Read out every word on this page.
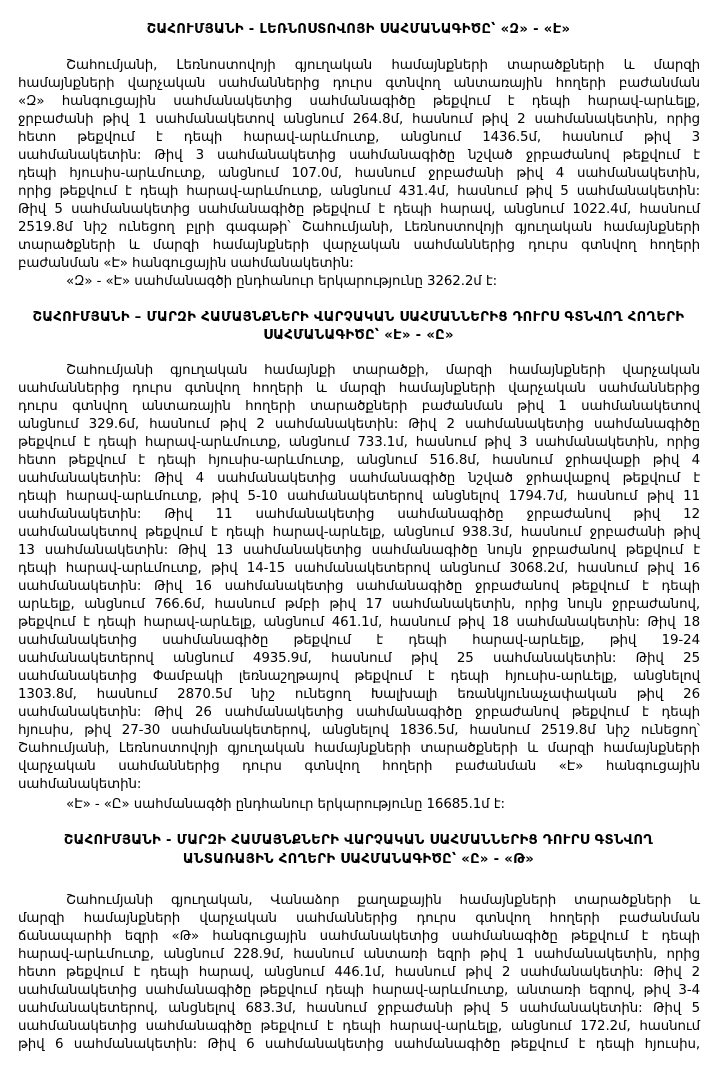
ՇԱՀՈՒՄՅԱՆԻ - ԼԵՌՆՈՍՏՈՎՈՅԻ ՍԱՀՄԱՆԱԳԻԾԸ՝ «Զ» - «Է»
Շահումյանի, Լեռնոստովոյի գյուղական համայնքների տարածքների և մարզի
համայնքների վարչական սահմաններից դուրս գտնվող անտառային հողերի բաժանման
«Զ» հանգուցային սահմանակետից սահմանագիծը թեքվում է դեպի հարավ-արևելք,
ջրբաժանի թիվ 1 սահմանակետով անցնում 264.8մ, հասնում թիվ 2 սահմանակետին, որից
հետո թեքվում է դեպի հարավ-արևմուտք, անցնում 1436.5մ, հասնում թիվ 3
սահմանակետին: Թիվ 3 սահմանակետից սահմանագիծը նշված ջրբաժանով թեքվում է
դեպի հյուսիս-արևմուտք, անցնում 107.0մ, հասնում ջրբաժանի թիվ 4 սահմանակետին,
որից թեքվում է դեպի հարավ-արևմուտք, անցնում 431.4մ, հասնում թիվ 5 սահմանակետին:
Թիվ 5 սահմանակետից սահմանագիծը թեքվում է դեպի հարավ, անցնում 1022.4մ, հասնում
2519.8մ նիշ ունեցող բլրի գագաթի՝ Շահումյանի, Լեռնոստովոյի գյուղական համայնքների
տարածքների և մարզի համայնքների վարչական սահմաններից դուրս գտնվող հողերի
բաժանման «Է» հանգուցային սահմանակետին:
«Զ» - «Է» սահմանագծի ընդհանուր երկարությունը 3262.2մ է:
ՇԱՀՈՒՄՅԱՆԻ – ՄԱՐԶԻ ՀԱՄԱՅՆՔՆԵՐԻ ՎԱՐՉԱԿԱՆ ՍԱՀՄԱՆՆԵՐԻՑ ԴՈՒՐՍ ԳՏՆՎՈՂ ՀՈՂԵՐԻ
ՍԱՀՄԱՆԱԳԻԾԸ՝ «Է» - «Ը»
Շահումյանի գյուղական համայնքի տարածքի, մարզի համայնքների վարչական
սահմաններից դուրս գտնվող հողերի և մարզի համայնքների վարչական սահմաններից
դուրս գտնվող անտառային հողերի տարածքների բաժանման թիվ 1 սահմանակետով
անցնում 329.6մ, հասնում թիվ 2 սահմանակետին: Թիվ 2 սահմանակետից սահմանագիծը
թեքվում է դեպի հարավ-արևմուտք, անցնում 733.1մ, հասնում թիվ 3 սահմանակետին, որից
հետո թեքվում է դեպի հյուսիս-արևմուտք, անցնում 516.8մ, հասնում ջրհավաքի թիվ 4
սահմանակետին: Թիվ 4 սահմանակետից սահմանագիծը նշված ջրհավաքով թեքվում է
դեպի հարավ-արևմուտք, թիվ 5-10 սահմանակետերով անցնելով 1794.7մ, հասնում թիվ 11
սահմանակետին: Թիվ 11 սահմանակետից սահմանագիծը ջրբաժանով թիվ 12
սահմանակետով թեքվում է դեպի հարավ-արևելք, անցնում 938.3մ, հասնում ջրբաժանի թիվ
13 սահմանակետին: Թիվ 13 սահմանակետից սահմանագիծը նույն ջրբաժանով թեքվում է
դեպի հարավ-արևմուտք, թիվ 14-15 սահմանակետերով անցնում 3068.2մ, հասնում թիվ 16
սահմանակետին: Թիվ 16 սահմանակետից սահմանագիծը ջրբաժանով թեքվում է դեպի
արևելք, անցնում 766.6մ, հասնում թմբի թիվ 17 սահմանակետին, որից նույն ջրբաժանով,
թեքվում է դեպի հարավ-արևելք, անցնում 461.1մ, հասնում թիվ 18 սահմանակետին: Թիվ 18
սահմանակետից սահմանագիծը թեքվում է դեպի հարավ-արևելք, թիվ 19-24
սահմանակետերով անցնում 4935.9մ, հասնում թիվ 25 սահմանակետին: Թիվ 25
սահմանակետից Փամբակի լեռնաշղթայով թեքվում է դեպի հյուսիս-արևելք, անցնելով
1303.8մ, հասնում 2870.5մ նիշ ունեցող Խալխալի եռանկյունաչափական թիվ 26
սահմանակետին: Թիվ 26 սահմանակետից սահմանագիծը ջրբաժանով թեքվում է դեպի
հյուսիս, թիվ 27-30 սահմանակետերով, անցնելով 1836.5մ, հասնում 2519.8մ նիշ ունեցող՝
Շահումյանի, Լեռնոստովոյի գյուղական համայնքների տարածքների և մարզի համայնքների
վարչական սահմաններից դուրս գտնվող հողերի բաժանման «Է» հանգուցային
սահմանակետին:
«Է» - «Ը» սահմանագծի ընդհանուր երկարությունը 16685.1մ է:
ՇԱՀՈՒՄՅԱՆԻ - ՄԱՐԶԻ ՀԱՄԱՅՆՔՆԵՐԻ ՎԱՐՉԱԿԱՆ ՍԱՀՄԱՆՆԵՐԻՑ ԴՈՒՐՍ ԳՏՆՎՈՂ
ԱՆՏԱՌԱՅԻՆ ՀՈՂԵՐԻ ՍԱՀՄԱՆԱԳԻԾԸ՝ «Ը» - «Թ»
Շահումյանի գյուղական, Վանաձոր քաղաքային համայնքների տարածքների և
մարզի համայնքների վարչական սահմաններից դուրս գտնվող հողերի բաժանման
ճանապարհի եզրի «Թ» հանգուցային սահմանակետից սահմանագիծը թեքվում է դեպի
հարավ-արևմուտք, անցնում 228.9մ, հասնում անտառի եզրի թիվ 1 սահմանակետին, որից
հետո թեքվում է դեպի հարավ, անցնում 446.1մ, հասնում թիվ 2 սահմանակետին: Թիվ 2
սահմանակետից սահմանագիծը թեքվում դեպի հարավ-արևմուտք, անտառի եզրով, թիվ 3-4
սահմանակետերով, անցնելով 683.3մ, հասնում ջրբաժանի թիվ 5 սահմանակետին: Թիվ 5
սահմանակետից սահմանագիծը թեքվում է դեպի հարավ-արևելք, անցնում 172.2մ, հասնում
թիվ 6 սահմանակետին: Թիվ 6 սահմանակետից սահմանագիծը թեքվում է դեպի հյուսիս,
